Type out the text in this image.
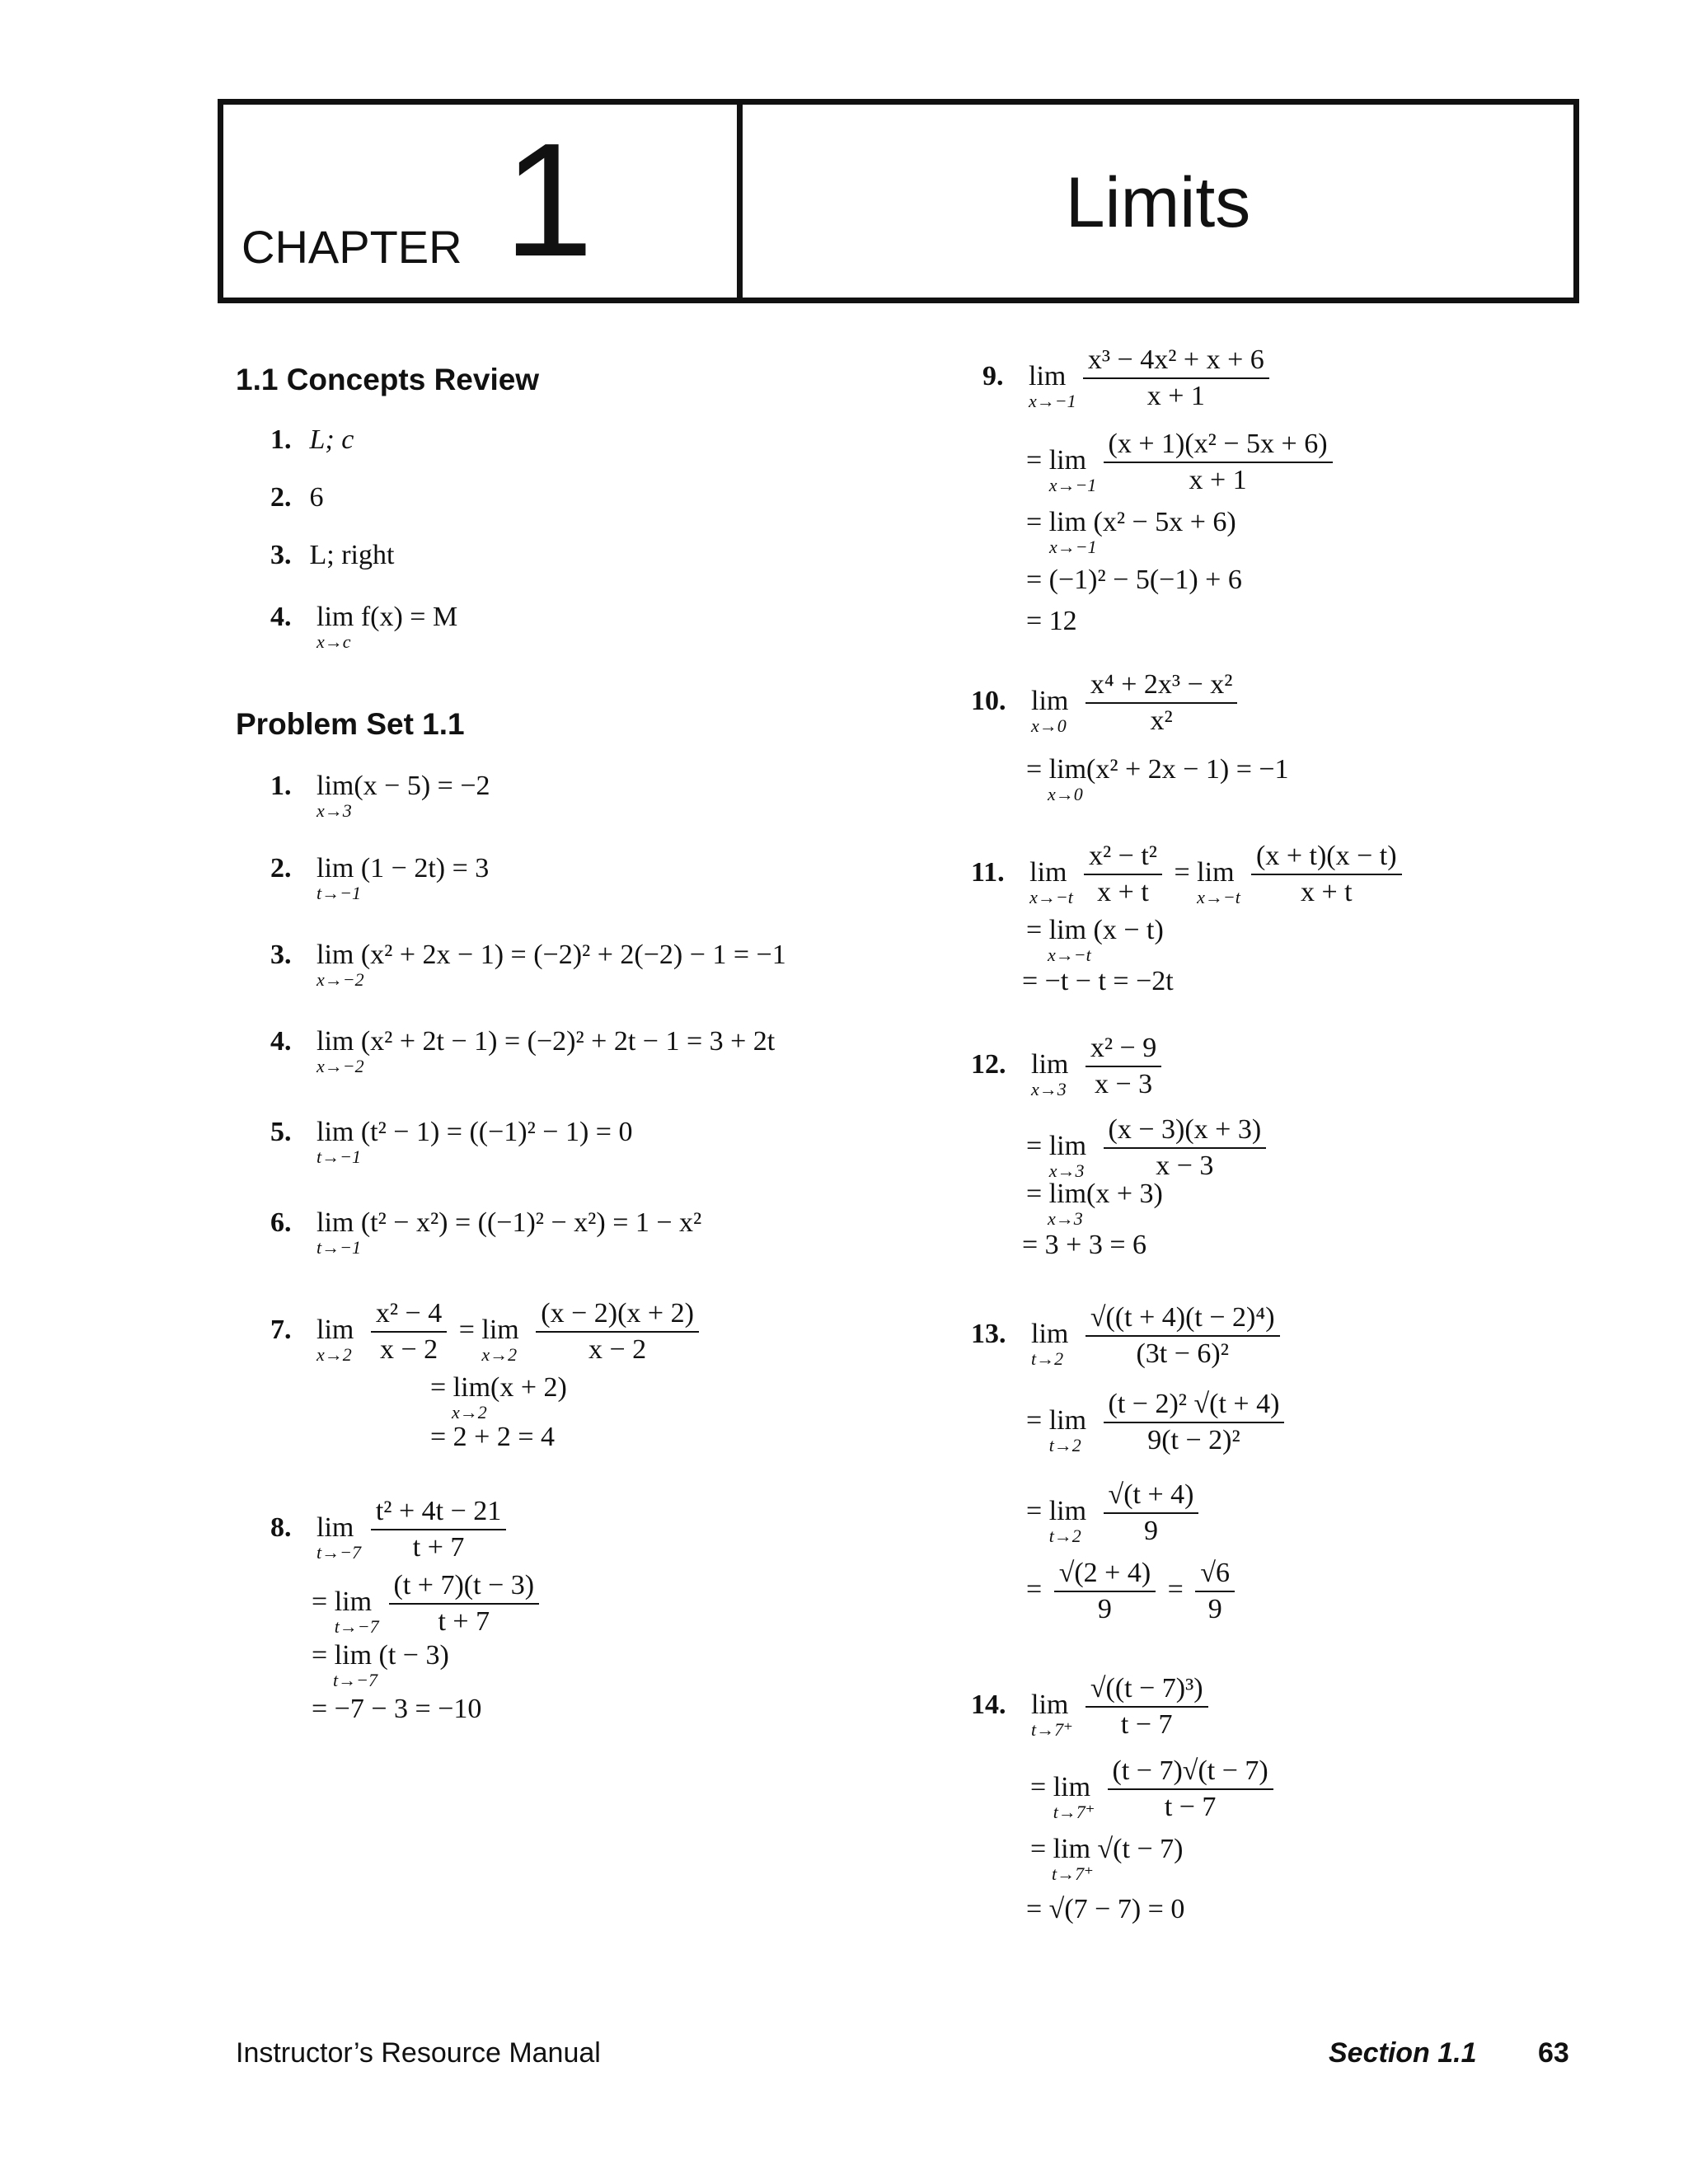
CHAPTER 1	Limits
1.1 Concepts Review
1. L; c
2. 6
3. L; right
4. lim f(x) = M
x→c
Problem Set 1.1
1. lim(x − 5) = −2
x→3
2. lim (1 − 2t) = 3
t→−1
3. lim (x² + 2x − 1) = (−2)² + 2(−2) − 1 = −1
x→−2
4. lim (x² + 2t − 1) = (−2)² + 2t − 1 = 3 + 2t
x→−2
5. lim (t² − 1) = ((−1)² − 1) = 0
t→−1
6. lim (t² − x²) = ((−1)² − x²) = 1 − x²
t→−1
7. lim
x→2
$\frac{\text{x² − 4}}{x - 2} = \lim$
x→2
$\frac{(x - 2)(x + 2)}{x - 2}$
= lim(x + 2)
x→2
= 2 + 2 = 4
8. lim
t→−7
$\frac{\text{t² + 4t − 21}}{t + 7}$
= lim
t→−7
$\frac{(t + 7)(t - 3)}{t + 7}$
= lim (t − 3)
t→−7
= −7 − 3 = −10
9. lim
x→−1
$\frac{\text{x³ − 4x² + x + 6}}{x + 1}$
= lim
x→−1
$\frac{\text{(x + 1)(x² − 5x + 6)}}{x + 1}$
= lim (x² − 5x + 6)
x→−1
= (−1)² − 5(−1) + 6
= 12
10. lim
x→0
$\frac{\text{x⁴ + 2x³ − x²}}{\text{x²}}$
= lim(x² + 2x − 1) = −1
x→0
11. lim
x→−t
$\frac{\text{x² − t²}}{x + t} = \lim$
x→−t
$\frac{(x + t)(x - t)}{x + t}$
= lim (x − t)
x→−t
= −t − t = −2t
12. lim
x→3
$\frac{\text{x² − 9}}{x - 3}$
= lim
x→3
$\frac{(x - 3)(x + 3)}{x - 3}$
= lim(x + 3)
x→3
= 3 + 3 = 6
13. lim
t→2
$\frac{\text{√((t + 4)(t − 2)⁴)}}{\text{(3t − 6)²}}$
= lim
t→2
$\frac{\text{(t − 2)² √(t + 4)}}{\text{9(t − 2)²}}$
= lim
t→2
$\frac{√(t + 4)}{9}$
= $\frac{√(2 + 4)}{9} = \frac{√6}{9}$
14. lim
t→7⁺
$\frac{\text{√((t − 7)³)}}{t - 7}$
= lim
t→7⁺
$\frac{(t - 7)√(t - 7)}{t - 7}$
= lim √(t − 7)
t→7⁺
= √(7 − 7) = 0
Instructor’s Resource Manual	Section 1.1 63
